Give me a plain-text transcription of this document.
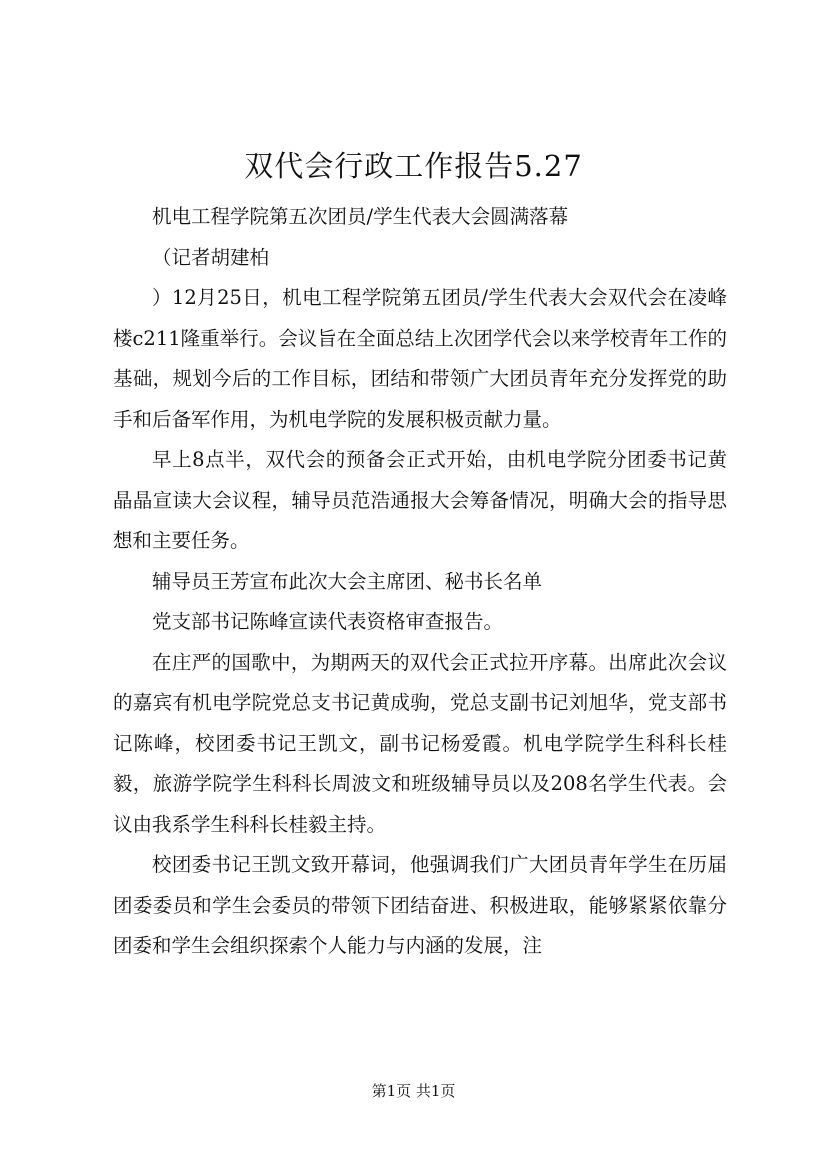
双代会行政工作报告5.27

机电工程学院第五次团员/学生代表大会圆满落幕

（记者胡建柏

）12月25日，机电工程学院第五团员/学生代表大会双代会在凌峰楼c211隆重举行。会议旨在全面总结上次团学代会以来学校青年工作的基础，规划今后的工作目标，团结和带领广大团员青年充分发挥党的助手和后备军作用，为机电学院的发展积极贡献力量。

早上8点半，双代会的预备会正式开始，由机电学院分团委书记黄晶晶宣读大会议程，辅导员范浩通报大会筹备情况，明确大会的指导思想和主要任务。

辅导员王芳宣布此次大会主席团、秘书长名单

党支部书记陈峰宣读代表资格审查报告。

在庄严的国歌中，为期两天的双代会正式拉开序幕。出席此次会议的嘉宾有机电学院党总支书记黄成驹，党总支副书记刘旭华，党支部书记陈峰，校团委书记王凯文，副书记杨爱霞。机电学院学生科科长桂毅，旅游学院学生科科长周波文和班级辅导员以及208名学生代表。会议由我系学生科科长桂毅主持。

校团委书记王凯文致开幕词，他强调我们广大团员青年学生在历届团委委员和学生会委员的带领下团结奋进、积极进取，能够紧紧依靠分团委和学生会组织探索个人能力与内涵的发展，注

第1页 共1页
